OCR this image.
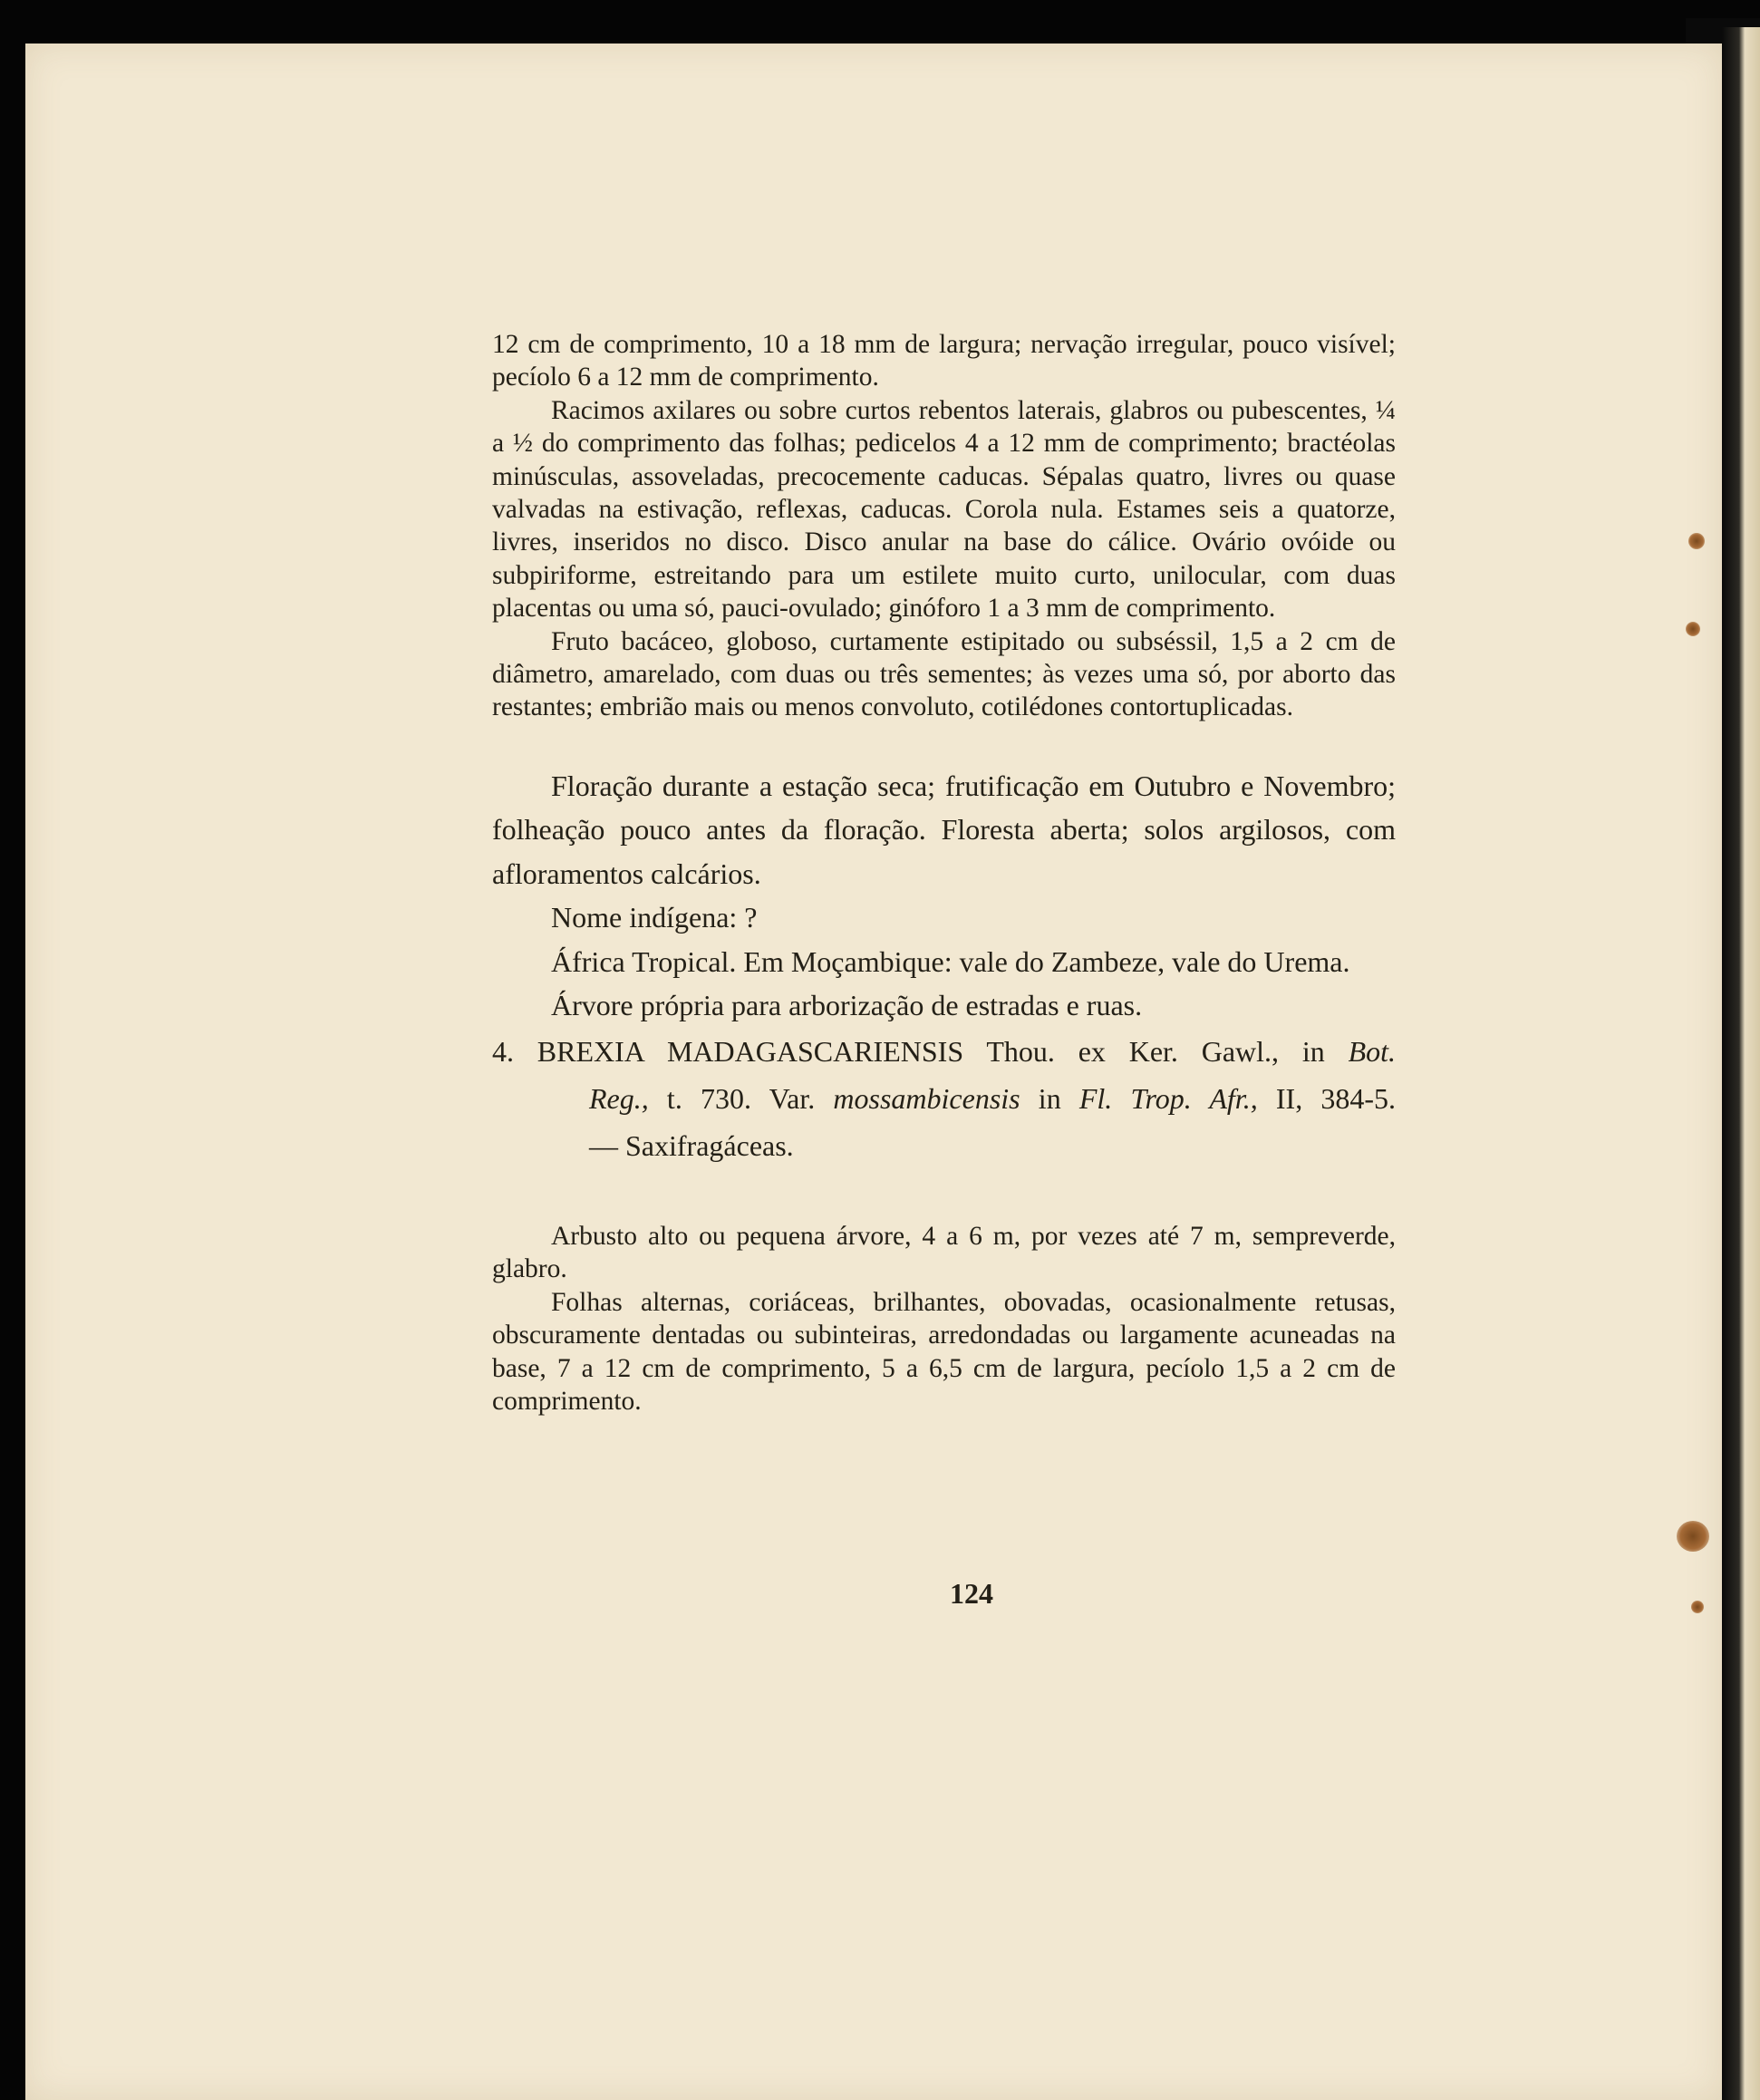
12 cm de comprimento, 10 a 18 mm de largura; nervação irregular, pouco visível; pecíolo 6 a 12 mm de comprimento.

Racimos axilares ou sobre curtos rebentos laterais, glabros ou pubescentes, ¼ a ½ do comprimento das folhas; pedicelos 4 a 12 mm de comprimento; bractéolas minúsculas, assoveladas, precocemente caducas. Sépalas quatro, livres ou quase valvadas na estivação, reflexas, caducas. Corola nula. Estames seis a quatorze, livres, inseridos no disco. Disco anular na base do cálice. Ovário ovóide ou subpiriforme, estreitando para um estilete muito curto, unilocular, com duas placentas ou uma só, pauci-ovulado; ginóforo 1 a 3 mm de comprimento.

Fruto bacáceo, globoso, curtamente estipitado ou subséssil, 1,5 a 2 cm de diâmetro, amarelado, com duas ou três sementes; às vezes uma só, por aborto das restantes; embrião mais ou menos convoluto, cotilédones contortuplicadas.

Floração durante a estação seca; frutificação em Outubro e Novembro; folheação pouco antes da floração. Floresta aberta; solos argilosos, com afloramentos calcários.

Nome indígena: ?

África Tropical. Em Moçambique: vale do Zambeze, vale do Urema.

Árvore própria para arborização de estradas e ruas.

4. BREXIA MADAGASCARIENSIS Thou. ex Ker. Gawl., in Bot.
Reg., t. 730. Var. mossambicensis in Fl. Trop. Afr., II, 384-5.
— Saxifragáceas.

Arbusto alto ou pequena árvore, 4 a 6 m, por vezes até 7 m, sempreverde, glabro.

Folhas alternas, coriáceas, brilhantes, obovadas, ocasionalmente retusas, obscuramente dentadas ou subinteiras, arredondadas ou largamente acuneadas na base, 7 a 12 cm de comprimento, 5 a 6,5 cm de largura, pecíolo 1,5 a 2 cm de comprimento.

124
